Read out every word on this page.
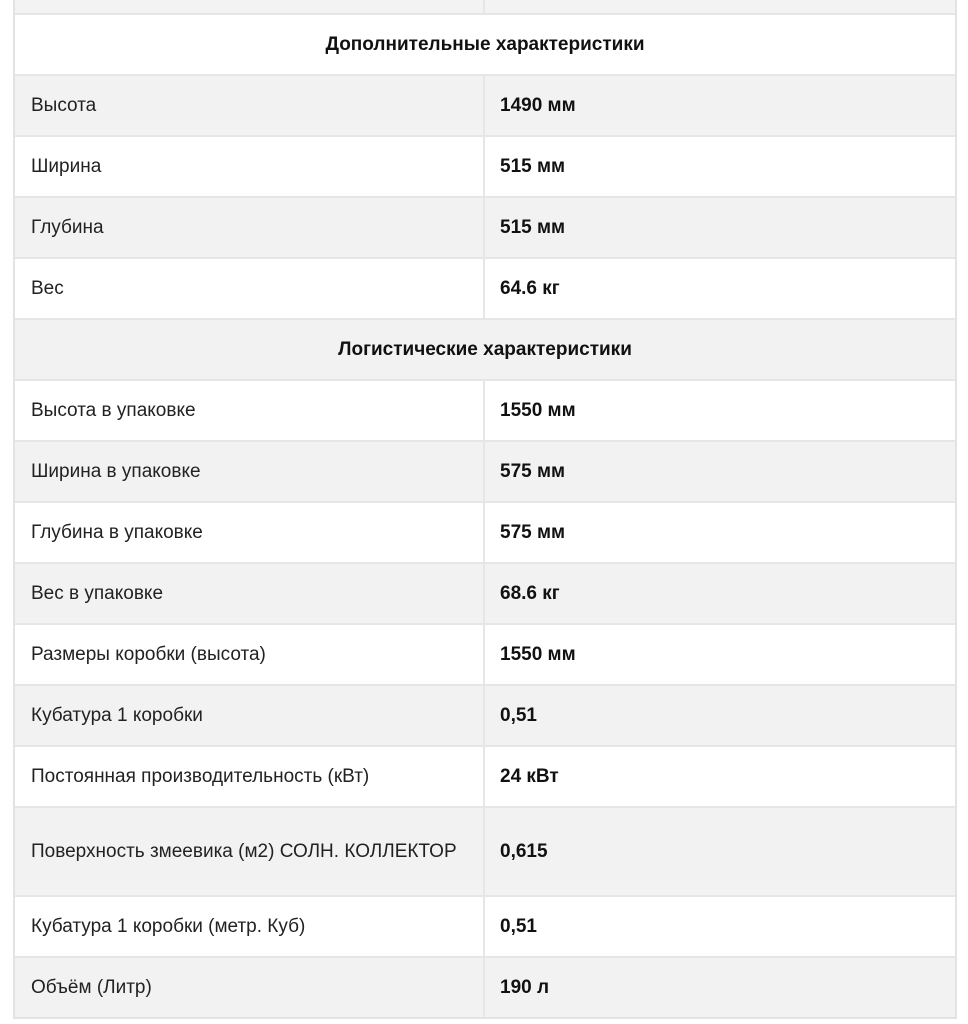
Дополнительные характеристики
Высота	1490 мм
Ширина	515 мм
Глубина	515 мм
Вес	64.6 кг
Логистические характеристики
Высота в упаковке	1550 мм
Ширина в упаковке	575 мм
Глубина в упаковке	575 мм
Вес в упаковке	68.6 кг
Размеры коробки (высота)	1550 мм
Кубатура 1 коробки	0,51
Постоянная производительность (кВт)	24 кВт
Поверхность змеевика (м2) СОЛН. КОЛЛЕКТОР	0,615
Кубатура 1 коробки (метр. Куб)	0,51
Объём (Литр)	190 л
